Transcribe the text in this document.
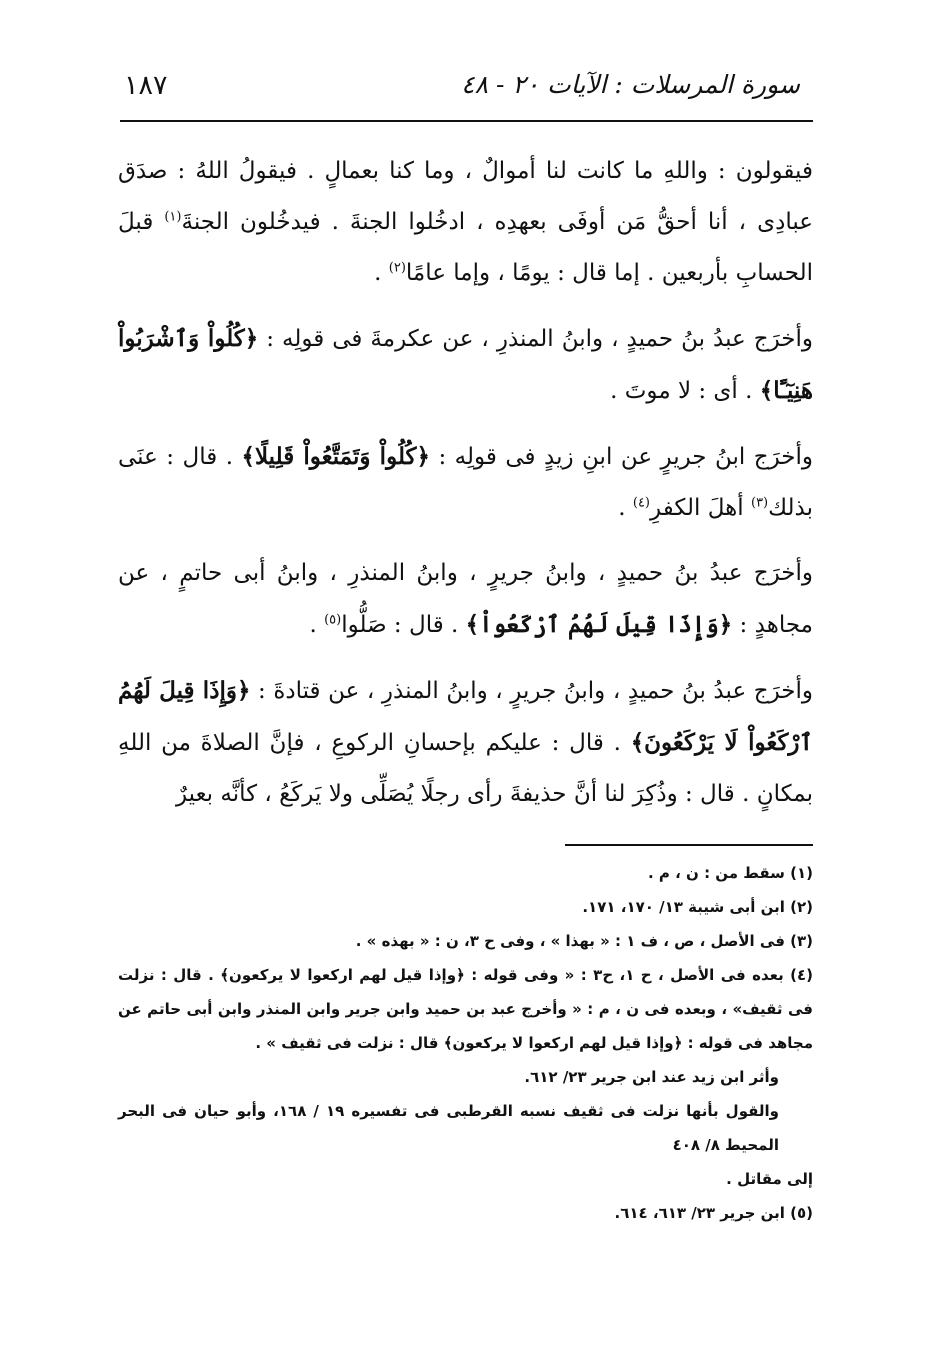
سورة المرسلات : الآيات ٢٠ - ٤٨
١٨٧

فيقولون : واللهِ ما كانت لنا أموالٌ ، وما كنا بعمالٍ . فيقولُ اللهُ : صدَق عبادِى ، أنا أحقُّ مَن أوفَى بعهدِه ، ادخُلوا الجنةَ . فيدخُلون الجنةَ$^{(١)}$ قبلَ الحسابِ بأربعين . إما قال : يومًا ، وإما عامًا$^{(٢)}$ .

وأخرَج عبدُ بنُ حميدٍ ، وابنُ المنذرِ ، عن عكرمةَ فى قولِه : ﴿كُلُواْ وَٱشْرَبُواْ هَنِيٓـًٔا﴾ . أى : لا موتَ .

وأخرَج ابنُ جريرٍ عن ابنِ زيدٍ فى قولِه : ﴿كُلُواْ وَتَمَتَّعُواْ قَلِيلًا﴾ . قال : عنَى بذلك$^{(٣)}$ أهلَ الكفرِ$^{(٤)}$ .

وأخرَج عبدُ بنُ حميدٍ ، وابنُ جريرٍ ، وابنُ المنذرِ ، وابنُ أبى حاتمٍ ، عن مجاهدٍ : ﴿وَإِذَا قِيلَ لَهُمُ ٱرْكَعُواْ﴾ . قال : صَلُّوا$^{(٥)}$ .

وأخرَج عبدُ بنُ حميدٍ ، وابنُ جريرٍ ، وابنُ المنذرِ ، عن قتادةَ : ﴿وَإِذَا قِيلَ لَهُمُ ٱرْكَعُواْ لَا يَرْكَعُونَ﴾ . قال : عليكم بإحسانِ الركوعِ ، فإنَّ الصلاةَ من اللهِ بمكانٍ . قال : وذُكِرَ لنا أنَّ حذيفةَ رأى رجلًا يُصَلِّى ولا يَركَعُ ، كأنَّه بعيرٌ

(١) سقط من : ن ، م .

(٢) ابن أبى شيبة ١٣/ ١٧٠، ١٧١.

(٣) فى الأصل ، ص ، ف ١ : « بهذا » ، وفى ح ٣، ن : « بهذه » .

(٤) بعده فى الأصل ، ح ١، ح٣ : « وفى قوله : ﴿وإذا قيل لهم اركعوا لا يركعون﴾ . قال : نزلت فى ثقيف» ، وبعده فى ن ، م : « وأخرج عبد بن حميد وابن جرير وابن المنذر وابن أبى حاتم عن مجاهد فى قوله : ﴿وإذا قيل لهم اركعوا لا يركعون﴾ قال : نزلت فى ثقيف » .

وأثر ابن زيد عند ابن جرير ٢٣/ ٦١٢.

والقول بأنها نزلت فى ثقيف نسبه القرطبى فى تفسيره ١٩ / ١٦٨، وأبو حيان فى البحر المحيط ٨/ ٤٠٨

إلى مقاتل .

(٥) ابن جرير ٢٣/ ٦١٣، ٦١٤.
